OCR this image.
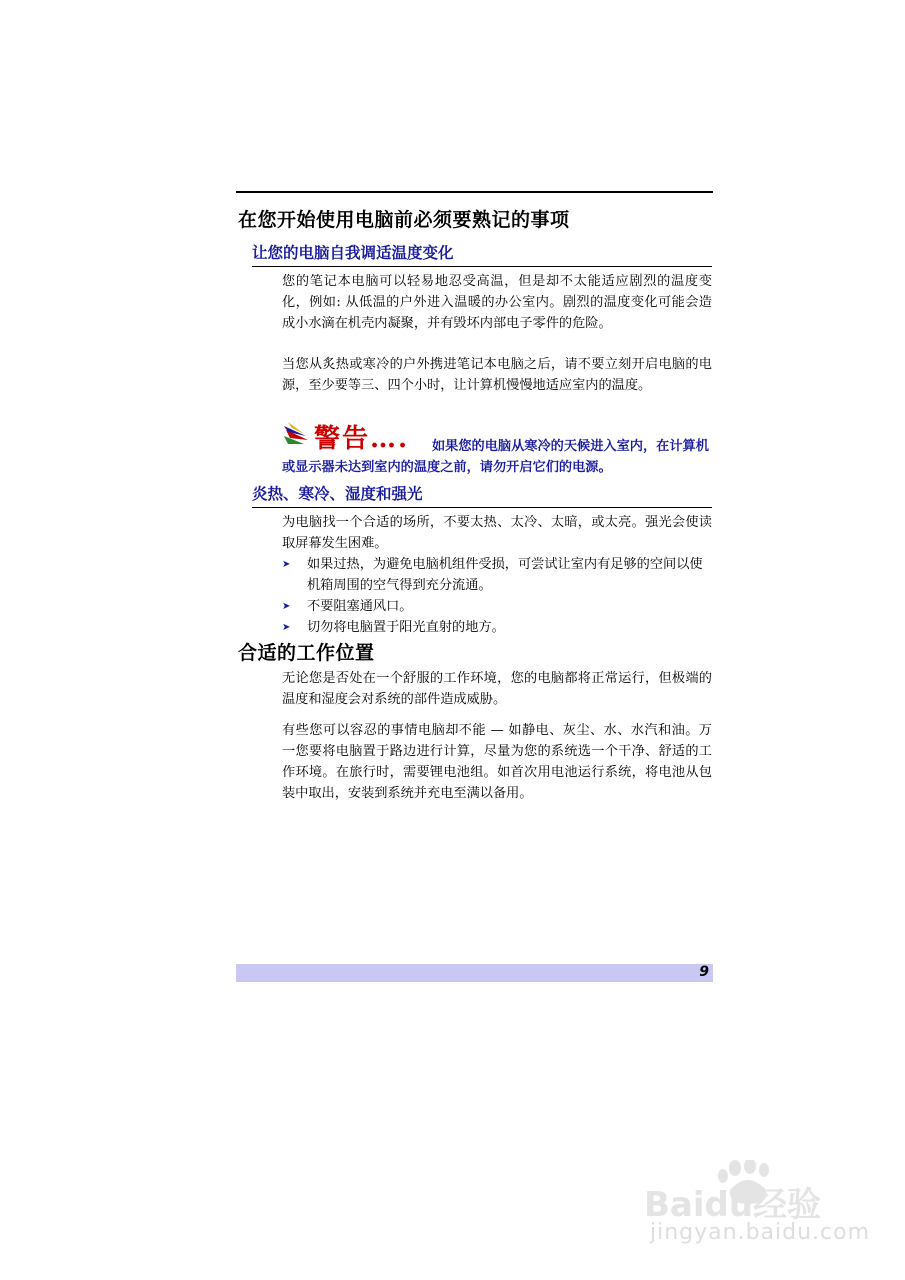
在您开始使用电脑前必须要熟记的事项
让您的电脑自我调适温度变化
您的笔记本电脑可以轻易地忍受高温，但是却不太能适应剧烈的温度变化，例如: 从低温的户外进入温暖的办公室内。剧烈的温度变化可能会造成小水滴在机壳内凝聚，并有毁坏内部电子零件的危险。
当您从炙热或寒冷的户外携进笔记本电脑之后，请不要立刻开启电脑的电源，至少要等三、四个小时，让计算机慢慢地适应室内的温度。
警告….	如果您的电脑从寒冷的天候进入室内，在计算机或显示器未达到室内的温度之前，请勿开启它们的电源。
炎热、寒冷、湿度和强光
为电脑找一个合适的场所，不要太热、太冷、太暗，或太亮。强光会使读取屏幕发生困难。
➤ 如果过热，为避免电脑机组件受损，可尝试让室内有足够的空间以使机箱周围的空气得到充分流通。
➤ 不要阻塞通风口。
➤ 切勿将电脑置于阳光直射的地方。
合适的工作位置
无论您是否处在一个舒服的工作环境，您的电脑都将正常运行，但极端的温度和湿度会对系统的部件造成威胁。
有些您可以容忍的事情电脑却不能 — 如静电、灰尘、水、水汽和油。万一您要将电脑置于路边进行计算，尽量为您的系统选一个干净、舒适的工作环境。在旅行时，需要锂电池组。如首次用电池运行系统，将电池从包装中取出，安装到系统并充电至满以备用。
9
Baidu经验
jingyan.baidu.com
